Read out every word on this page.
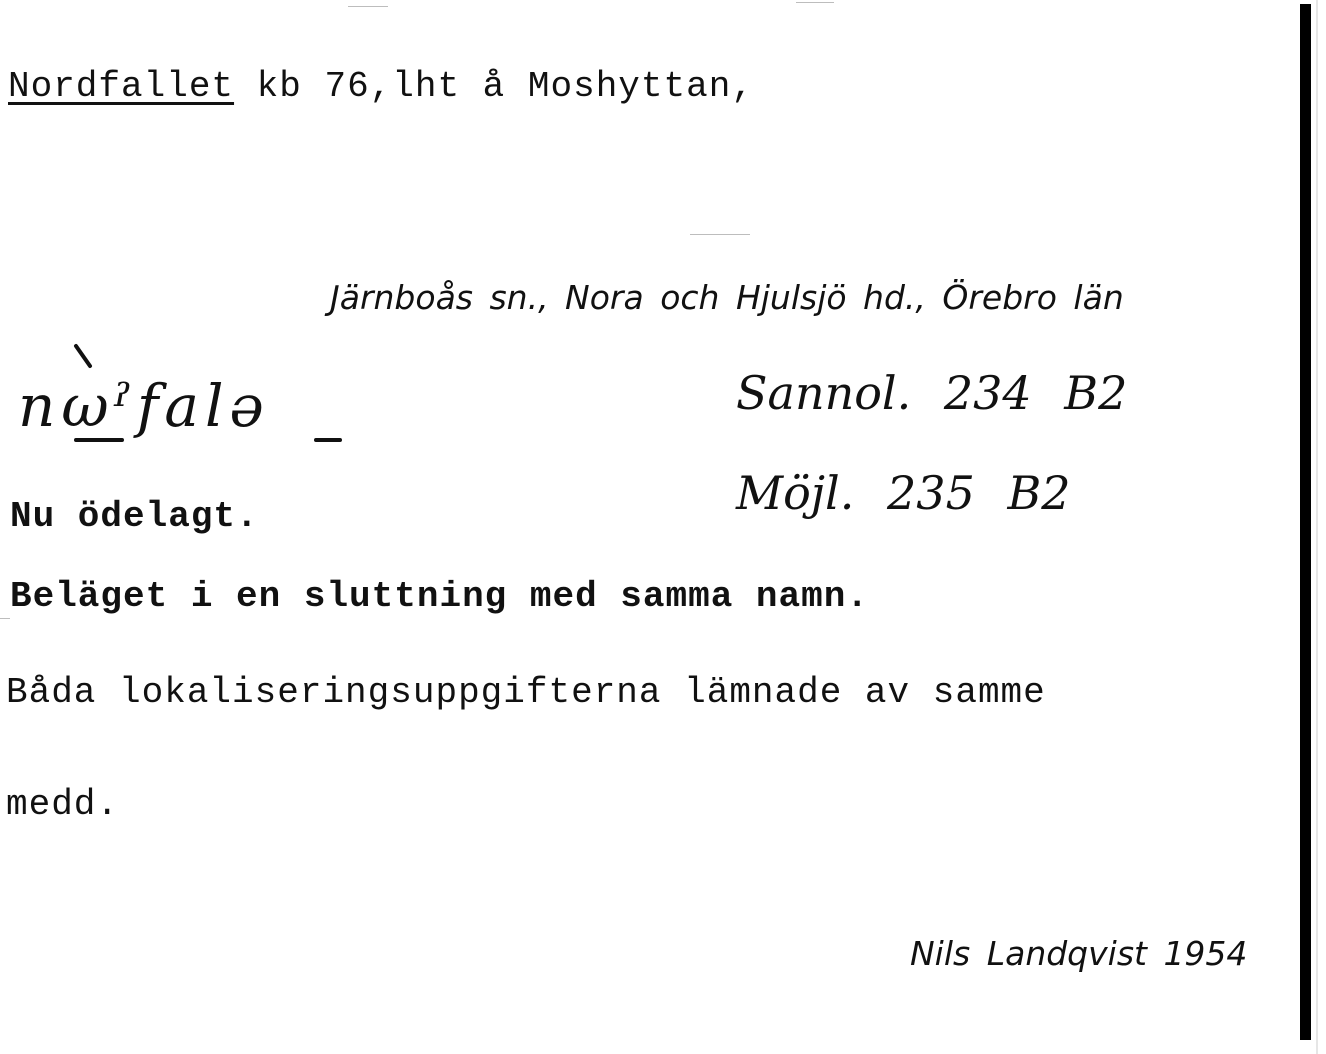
Nordfallet kb 76,lht å Moshyttan,
Järnboås sn., Nora och Hjulsjö hd., Örebro län
nωˀfalə	Sannol. 234 B2
Möjl. 235 B2
Nu ödelagt.
Beläget i en sluttning med samma namn.
Båda lokaliseringsuppgifterna lämnade av samme
medd.
Nils Landqvist 1954
